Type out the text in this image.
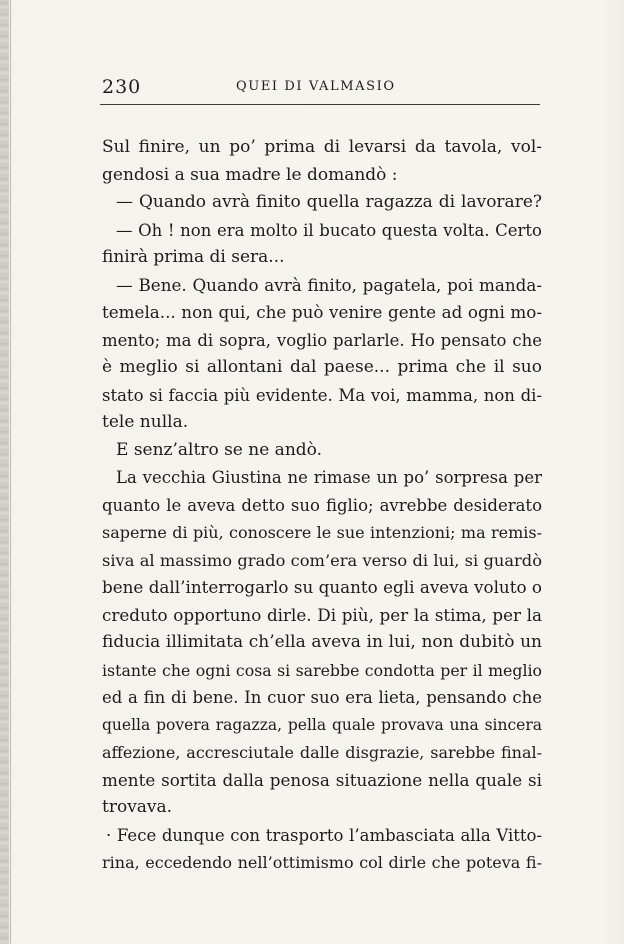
230	QUEI DI VALMASIO
Sul finire, un po’ prima di levarsi da tavola, vol-
gendosi a sua madre le domandò :
— Quando avrà finito quella ragazza di lavorare?
— Oh ! non era molto il bucato questa volta. Certo
finirà prima di sera...
— Bene. Quando avrà finito, pagatela, poi manda-
temela... non qui, che può venire gente ad ogni mo-
mento; ma di sopra, voglio parlarle. Ho pensato che
è meglio si allontani dal paese... prima che il suo
stato si faccia più evidente. Ma voi, mamma, non di-
tele nulla.
E senz’altro se ne andò.
La vecchia Giustina ne rimase un po’ sorpresa per
quanto le aveva detto suo figlio; avrebbe desiderato
saperne di più, conoscere le sue intenzioni; ma remis-
siva al massimo grado com’era verso di lui, si guardò
bene dall’interrogarlo su quanto egli aveva voluto o
creduto opportuno dirle. Di più, per la stima, per la
fiducia illimitata ch’ella aveva in lui, non dubitò un
istante che ogni cosa si sarebbe condotta per il meglio
ed a fin di bene. In cuor suo era lieta, pensando che
quella povera ragazza, pella quale provava una sincera
affezione, accresciutale dalle disgrazie, sarebbe final-
mente sortita dalla penosa situazione nella quale si
trovava.
· Fece dunque con trasporto l’ambasciata alla Vitto-
rina, eccedendo nell’ottimismo col dirle che poteva fi-
